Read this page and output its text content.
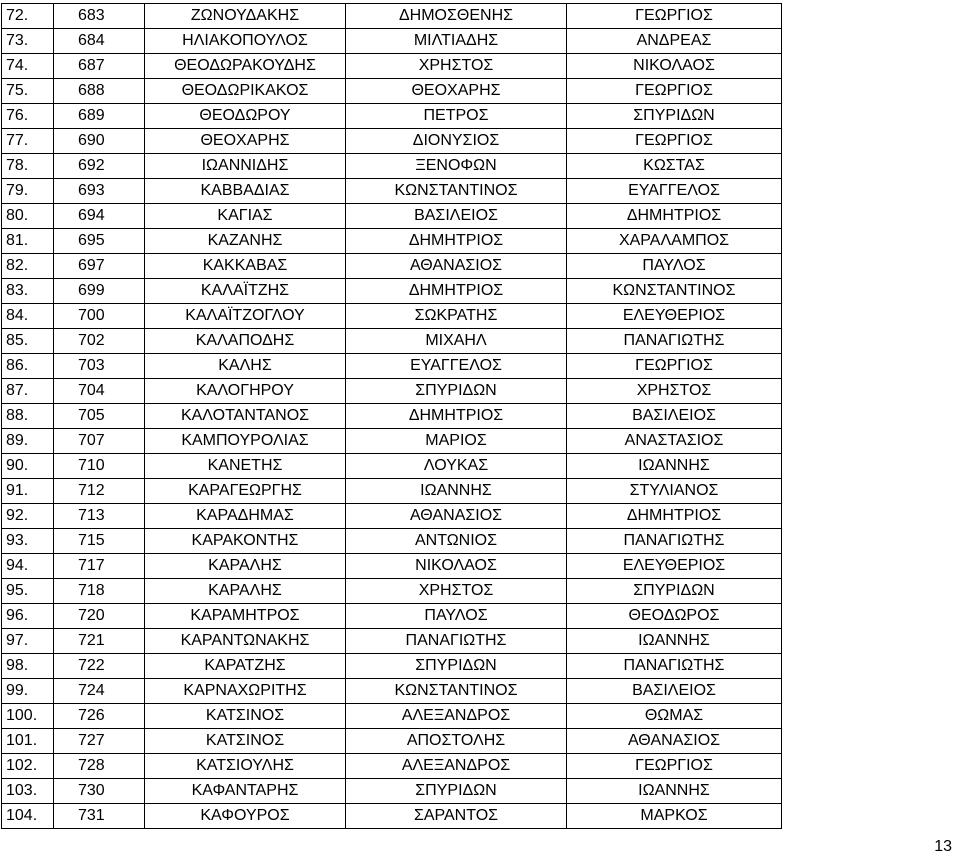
72.	683	ΖΩΝΟΥΔΑΚΗΣ	ΔΗΜΟΣΘΕΝΗΣ	ΓΕΩΡΓΙΟΣ
73.	684	ΗΛΙΑΚΟΠΟΥΛΟΣ	ΜΙΛΤΙΑΔΗΣ	ΑΝΔΡΕΑΣ
74.	687	ΘΕΟΔΩΡΑΚΟΥΔΗΣ	ΧΡΗΣΤΟΣ	ΝΙΚΟΛΑΟΣ
75.	688	ΘΕΟΔΩΡΙΚΑΚΟΣ	ΘΕΟΧΑΡΗΣ	ΓΕΩΡΓΙΟΣ
76.	689	ΘΕΟΔΩΡΟΥ	ΠΕΤΡΟΣ	ΣΠΥΡΙΔΩΝ
77.	690	ΘΕΟΧΑΡΗΣ	ΔΙΟΝΥΣΙΟΣ	ΓΕΩΡΓΙΟΣ
78.	692	ΙΩΑΝΝΙΔΗΣ	ΞΕΝΟΦΩΝ	ΚΩΣΤΑΣ
79.	693	ΚΑΒΒΑΔΙΑΣ	ΚΩΝΣΤΑΝΤΙΝΟΣ	ΕΥΑΓΓΕΛΟΣ
80.	694	ΚΑΓΙΑΣ	ΒΑΣΙΛΕΙΟΣ	ΔΗΜΗΤΡΙΟΣ
81.	695	ΚΑΖΑΝΗΣ	ΔΗΜΗΤΡΙΟΣ	ΧΑΡΑΛΑΜΠΟΣ
82.	697	ΚΑΚΚΑΒΑΣ	ΑΘΑΝΑΣΙΟΣ	ΠΑΥΛΟΣ
83.	699	ΚΑΛΑΪΤΖΗΣ	ΔΗΜΗΤΡΙΟΣ	ΚΩΝΣΤΑΝΤΙΝΟΣ
84.	700	ΚΑΛΑΪΤΖΟΓΛΟΥ	ΣΩΚΡΑΤΗΣ	ΕΛΕΥΘΕΡΙΟΣ
85.	702	ΚΑΛΑΠΟΔΗΣ	ΜΙΧΑΗΛ	ΠΑΝΑΓΙΩΤΗΣ
86.	703	ΚΑΛΗΣ	ΕΥΑΓΓΕΛΟΣ	ΓΕΩΡΓΙΟΣ
87.	704	ΚΑΛΟΓΗΡΟΥ	ΣΠΥΡΙΔΩΝ	ΧΡΗΣΤΟΣ
88.	705	ΚΑΛΟΤΑΝΤΑΝΟΣ	ΔΗΜΗΤΡΙΟΣ	ΒΑΣΙΛΕΙΟΣ
89.	707	ΚΑΜΠΟΥΡΟΛΙΑΣ	ΜΑΡΙΟΣ	ΑΝΑΣΤΑΣΙΟΣ
90.	710	ΚΑΝΕΤΗΣ	ΛΟΥΚΑΣ	ΙΩΑΝΝΗΣ
91.	712	ΚΑΡΑΓΕΩΡΓΗΣ	ΙΩΑΝΝΗΣ	ΣΤΥΛΙΑΝΟΣ
92.	713	ΚΑΡΑΔΗΜΑΣ	ΑΘΑΝΑΣΙΟΣ	ΔΗΜΗΤΡΙΟΣ
93.	715	ΚΑΡΑΚΟΝΤΗΣ	ΑΝΤΩΝΙΟΣ	ΠΑΝΑΓΙΩΤΗΣ
94.	717	ΚΑΡΑΛΗΣ	ΝΙΚΟΛΑΟΣ	ΕΛΕΥΘΕΡΙΟΣ
95.	718	ΚΑΡΑΛΗΣ	ΧΡΗΣΤΟΣ	ΣΠΥΡΙΔΩΝ
96.	720	ΚΑΡΑΜΗΤΡΟΣ	ΠΑΥΛΟΣ	ΘΕΟΔΩΡΟΣ
97.	721	ΚΑΡΑΝΤΩΝΑΚΗΣ	ΠΑΝΑΓΙΩΤΗΣ	ΙΩΑΝΝΗΣ
98.	722	ΚΑΡΑΤΖΗΣ	ΣΠΥΡΙΔΩΝ	ΠΑΝΑΓΙΩΤΗΣ
99.	724	ΚΑΡΝΑΧΩΡΙΤΗΣ	ΚΩΝΣΤΑΝΤΙΝΟΣ	ΒΑΣΙΛΕΙΟΣ
100.	726	ΚΑΤΣΙΝΟΣ	ΑΛΕΞΑΝΔΡΟΣ	ΘΩΜΑΣ
101.	727	ΚΑΤΣΙΝΟΣ	ΑΠΟΣΤΟΛΗΣ	ΑΘΑΝΑΣΙΟΣ
102.	728	ΚΑΤΣΙΟΥΛΗΣ	ΑΛΕΞΑΝΔΡΟΣ	ΓΕΩΡΓΙΟΣ
103.	730	ΚΑΦΑΝΤΑΡΗΣ	ΣΠΥΡΙΔΩΝ	ΙΩΑΝΝΗΣ
104.	731	ΚΑΦΟΥΡΟΣ	ΣΑΡΑΝΤΟΣ	ΜΑΡΚΟΣ
13
